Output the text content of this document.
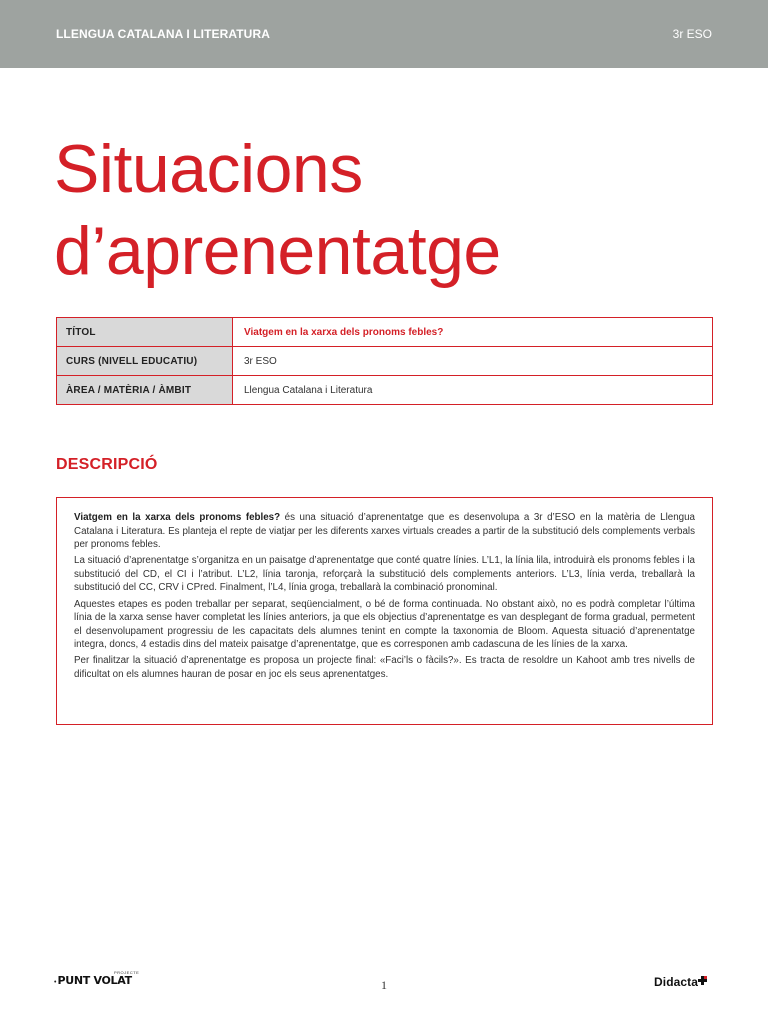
LLENGUA CATALANA I LITERATURA	3r ESO
Situacions
d’aprenentatge
TÍTOL	Viatgem en la xarxa dels pronoms febles?
CURS (NIVELL EDUCATIU)	3r ESO
ÀREA / MATÈRIA / ÀMBIT	Llengua Catalana i Literatura
DESCRIPCIÓ

Viatgem en la xarxa dels pronoms febles? és una situació d’aprenentatge que es desenvolupa a 3r d’ESO en la matèria de Llengua Catalana i Literatura. Es planteja el repte de viatjar per les diferents xarxes virtuals creades a partir de la substitució dels complements verbals per pronoms febles.

La situació d’aprenentatge s’organitza en un paisatge d’aprenentatge que conté quatre línies. L’L1, la línia lila, introduirà els pronoms febles i la substitució del CD, el CI i l’atribut. L’L2, línia taronja, reforçarà la substitució dels complements anteriors. L’L3, línia verda, treballarà la substitució del CC, CRV i CPred. Finalment, l’L4, línia groga, treballarà la combinació pronominal.

Aquestes etapes es poden treballar per separat, seqüencialment, o bé de forma continuada. No obstant això, no es podrà completar l’última línia de la xarxa sense haver completat les línies anteriors, ja que els objectius d’aprenentatge es van desplegant de forma gradual, permetent el desenvolupament progressiu de les capacitats dels alumnes tenint en compte la taxonomia de Bloom. Aquesta situació d’aprenentatge integra, doncs, 4 estadis dins del mateix paisatge d’aprenentatge, que es corresponen amb cadascuna de les línies de la xarxa.

Per finalitzar la situació d’aprenentatge es proposa un projecte final: «Faci’ls o fàcils?». Es tracta de resoldre un Kahoot amb tres nivells de dificultat on els alumnes hauran de posar en joc els seus aprenentatges.

PROJECTE
• PUNT VOLAT	1	Didacta
